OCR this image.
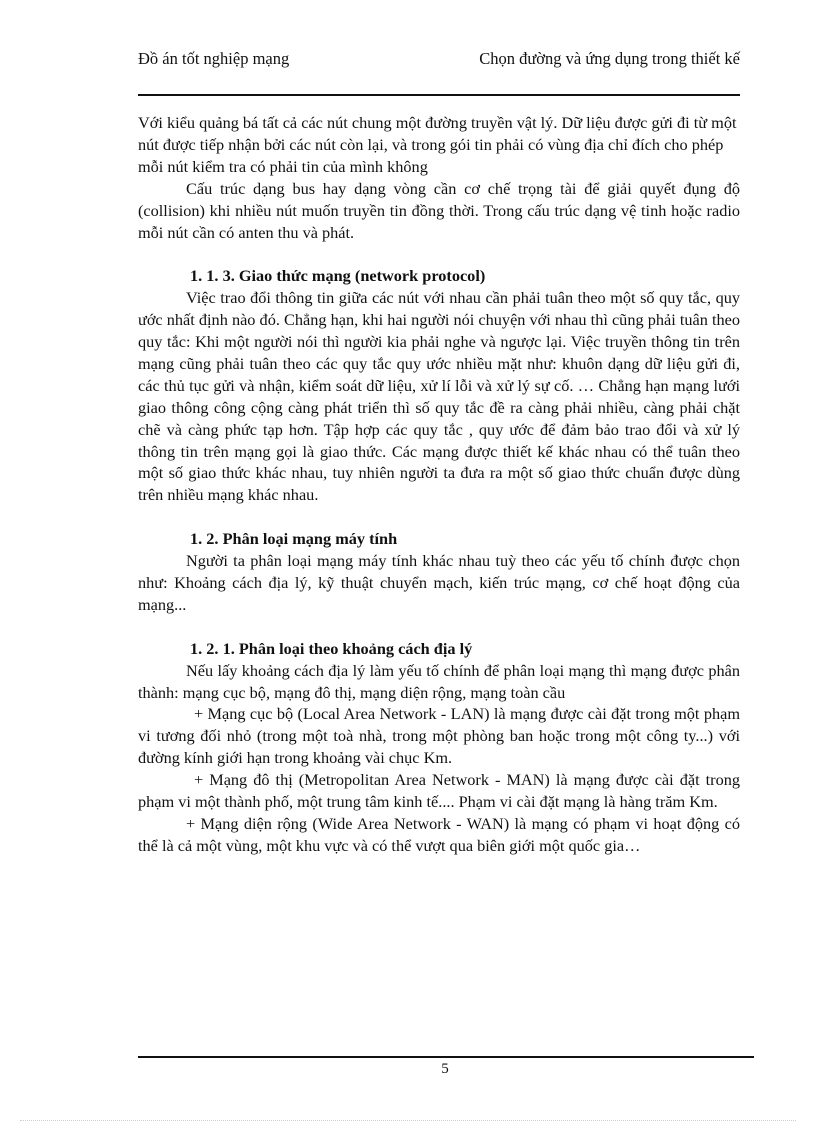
Đồ án tốt nghiệp mạng	Chọn đường và ứng dụng trong thiết kế

Với kiểu quảng bá tất cả các nút chung một đường truyền vật lý. Dữ liệu được gửi đi từ một nút được tiếp nhận bởi các nút còn lại, và trong gói tin phải có vùng địa chỉ đích cho phép mỗi nút kiểm tra có phải tin của mình không

Cấu trúc dạng bus hay dạng vòng cần cơ chế trọng tài để giải quyết đụng độ (collision) khi nhiều nút muốn truyền tin đồng thời. Trong cấu trúc dạng vệ tinh hoặc radio mỗi nút cần có anten thu và phát.

1. 1. 3. Giao thức mạng (network protocol)

Việc trao đổi thông tin giữa các nút với nhau cần phải tuân theo một số quy tắc, quy ước nhất định nào đó. Chẳng hạn, khi hai người nói chuyện với nhau thì cũng phải tuân theo quy tắc: Khi một người nói thì người kia phải nghe và ngược lại. Việc truyền thông tin trên mạng cũng phải tuân theo các quy tắc quy ước nhiều mặt như: khuôn dạng dữ liệu gửi đi, các thủ tục gửi và nhận, kiểm soát dữ liệu, xử lí lỗi và xử lý sự cố. … Chẳng hạn mạng lưới giao thông công cộng càng phát triển thì số quy tắc đề ra càng phải nhiều, càng phải chặt chẽ và càng phức tạp hơn. Tập hợp các quy tắc , quy ước để đảm bảo trao đổi và xử lý thông tin trên mạng gọi là giao thức. Các mạng được thiết kế khác nhau có thể tuân theo một số giao thức khác nhau, tuy nhiên người ta đưa ra một số giao thức chuẩn được dùng trên nhiều mạng khác nhau.

1. 2. Phân loại mạng máy tính

Người ta phân loại mạng máy tính khác nhau tuỳ theo các yếu tố chính được chọn như: Khoảng cách địa lý, kỹ thuật chuyển mạch, kiến trúc mạng, cơ chế hoạt động của mạng...

1. 2. 1. Phân loại theo khoảng cách địa lý

Nếu lấy khoảng cách địa lý làm yếu tố chính để phân loại mạng thì mạng được phân thành: mạng cục bộ, mạng đô thị, mạng diện rộng, mạng toàn cầu

+ Mạng cục bộ (Local Area Network - LAN) là mạng được cài đặt trong một phạm vi tương đối nhỏ (trong một toà nhà, trong một phòng ban hoặc trong một công ty...) với đường kính giới hạn trong khoảng vài chục Km.

+ Mạng đô thị (Metropolitan Area Network - MAN) là mạng được cài đặt trong phạm vi một thành phố, một trung tâm kinh tế.... Phạm vi cài đặt mạng là hàng trăm Km.

+ Mạng diện rộng (Wide Area Network - WAN) là mạng có phạm vi hoạt động có thể là cả một vùng, một khu vực và có thể vượt qua biên giới một quốc gia…

5
